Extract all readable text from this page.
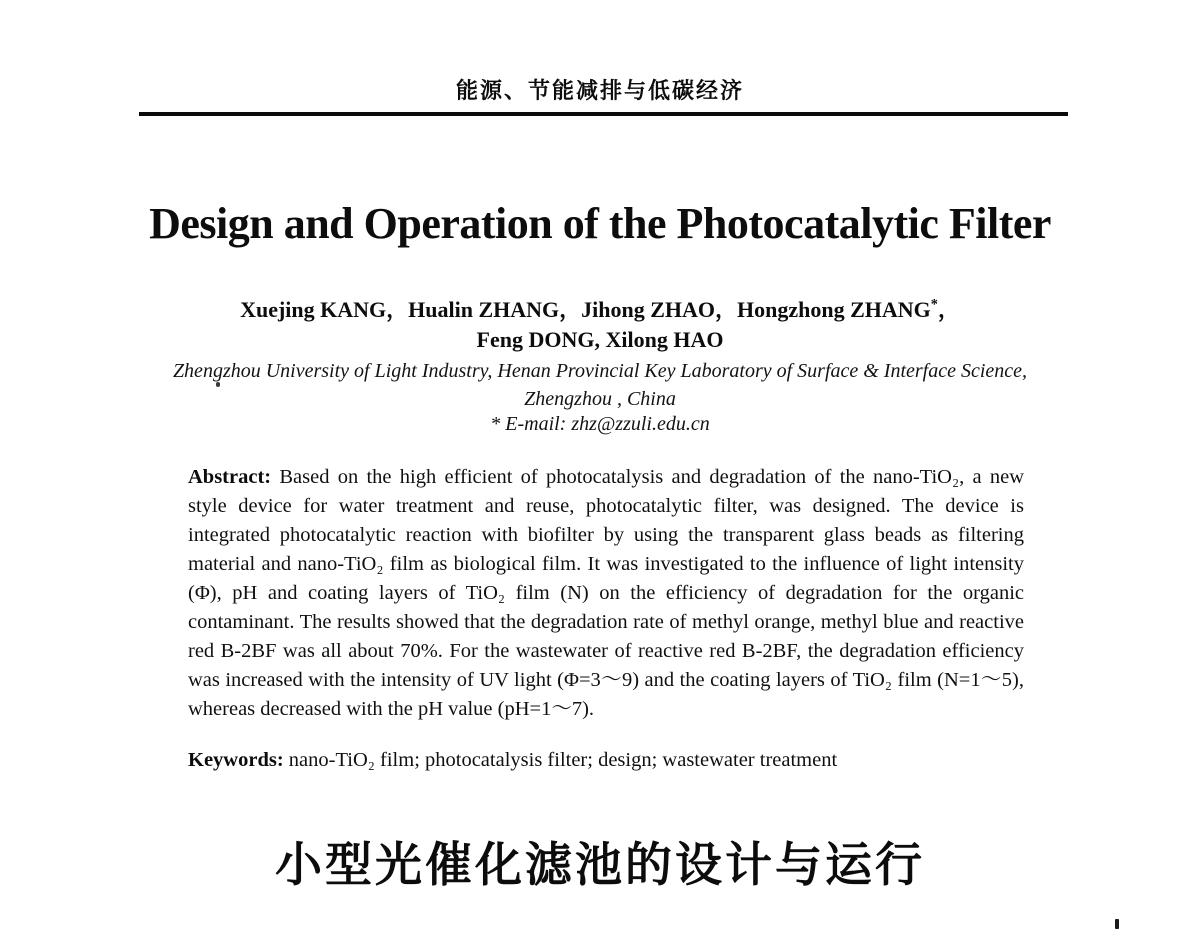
能源、节能减排与低碳经济
Design and Operation of the Photocatalytic Filter
Xuejing KANG，Hualin ZHANG，Jihong ZHAO，Hongzhong ZHANG*，
Feng DONG, Xilong HAO
Zhengzhou University of Light Industry, Henan Provincial Key Laboratory of Surface & Interface Science,
Zhengzhou , China
* E-mail: zhz@zzuli.edu.cn

Abstract: Based on the high efficient of photocatalysis and degradation of the nano-TiO₂, a new style device for water treatment and reuse, photocatalytic filter, was designed. The device is integrated photocatalytic reaction with biofilter by using the transparent glass beads as filtering material and nano-TiO₂ film as biological film. It was investigated to the influence of light intensity (Φ), pH and coating layers of TiO₂ film (N) on the efficiency of degradation for the organic contaminant. The results showed that the degradation rate of methyl orange, methyl blue and reactive red B-2BF was all about 70%. For the wastewater of reactive red B-2BF, the degradation efficiency was increased with the intensity of UV light (Φ=3～9) and the coating layers of TiO₂ film (N=1～5), whereas decreased with the pH value (pH=1～7).

Keywords: nano-TiO₂ film; photocatalysis filter; design; wastewater treatment

小型光催化滤池的设计与运行
